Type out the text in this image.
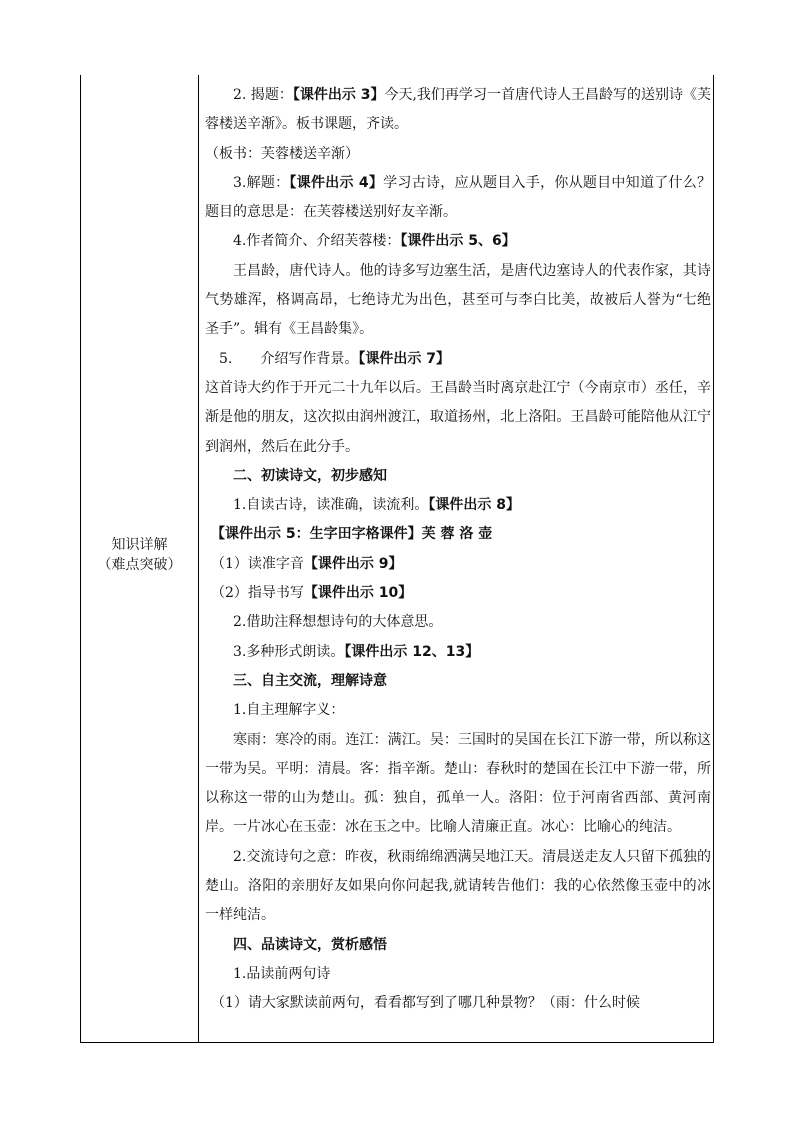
知识详解
（难点突破）

2. 揭题：【课件出示 3】今天,我们再学习一首唐代诗人王昌龄写的送别诗《芙蓉楼送辛渐》。板书课题，齐读。

（板书：芙蓉楼送辛渐）

3.解题：【课件出示 4】学习古诗，应从题目入手，你从题目中知道了什么？题目的意思是：在芙蓉楼送别好友辛渐。

4.作者简介、介绍芙蓉楼：【课件出示 5、6】

王昌龄，唐代诗人。他的诗多写边塞生活，是唐代边塞诗人的代表作家，其诗气势雄浑，格调高昂，七绝诗尤为出色，甚至可与李白比美，故被后人誉为“七绝圣手”。辑有《王昌龄集》。

5.　　介绍写作背景。【课件出示 7】

这首诗大约作于开元二十九年以后。王昌龄当时离京赴江宁（今南京市）丞任，辛渐是他的朋友，这次拟由润州渡江，取道扬州，北上洛阳。王昌龄可能陪他从江宁到润州，然后在此分手。

二、初读诗文，初步感知

1.自读古诗，读准确，读流利。【课件出示 8】

【课件出示 5：生字田字格课件】芙 蓉 洛 壶

（1）读准字音【课件出示 9】

（2）指导书写【课件出示 10】

2.借助注释想想诗句的大体意思。

3.多种形式朗读。【课件出示 12、13】

三、自主交流，理解诗意

1.自主理解字义：

寒雨：寒冷的雨。连江：满江。吴：三国时的吴国在长江下游一带，所以称这一带为吴。平明：清晨。客：指辛渐。楚山：春秋时的楚国在长江中下游一带，所以称这一带的山为楚山。孤：独自，孤单一人。洛阳：位于河南省西部、黄河南岸。一片冰心在玉壶：冰在玉之中。比喻人清廉正直。冰心：比喻心的纯洁。

2.交流诗句之意：昨夜，秋雨绵绵洒满吴地江天。清晨送走友人只留下孤独的楚山。洛阳的亲朋好友如果向你问起我,就请转告他们：我的心依然像玉壶中的冰一样纯洁。

四、品读诗文，赏析感悟

1.品读前两句诗

（1）请大家默读前两句，看看都写到了哪几种景物？（雨：什么时候
